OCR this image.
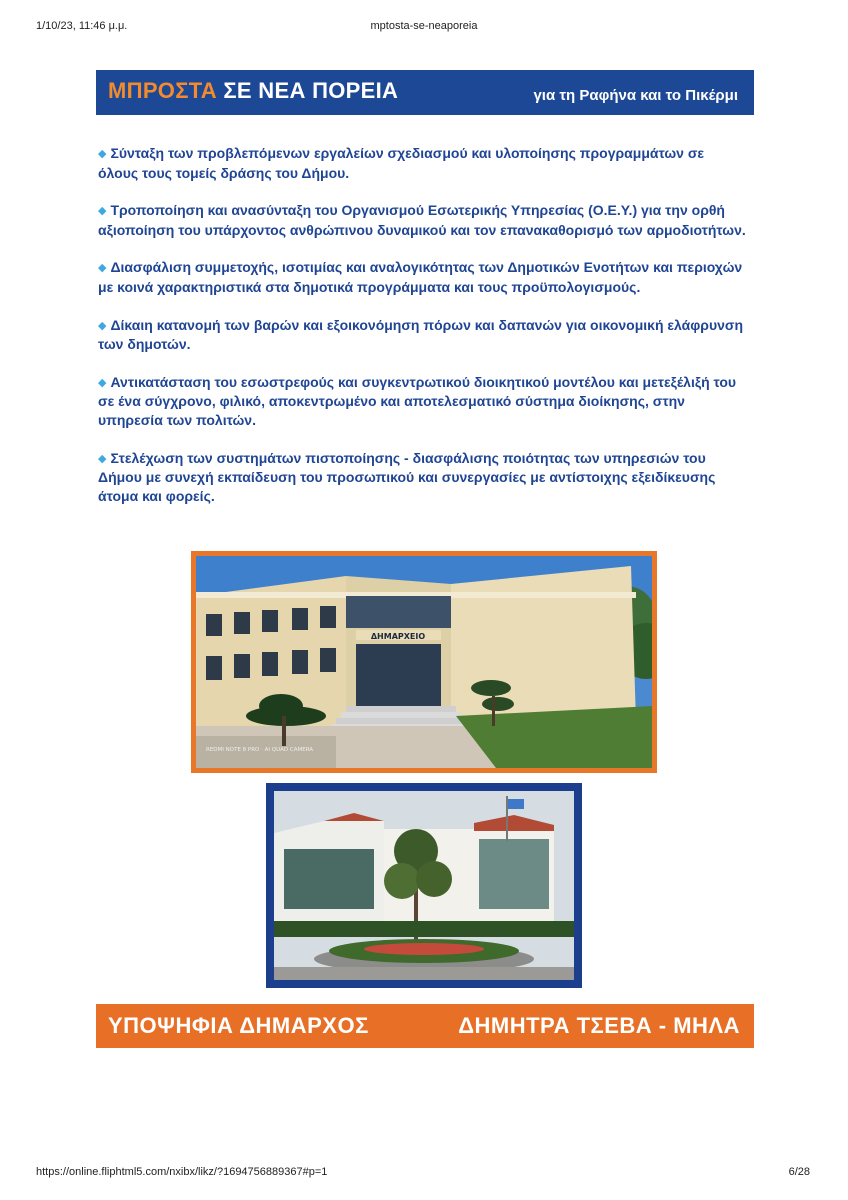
1/10/23, 11:46 μ.μ.	mptosta-se-neaporeia
ΜΠΡΟΣΤΑ ΣΕ ΝΕΑ ΠΟΡΕΙΑ	για τη Ραφήνα και το Πικέρμι

◆ Σύνταξη των προβλεπόμενων εργαλείων σχεδιασμού και υλοποίησης προγραμμάτων σε όλους τους τομείς δράσης του Δήμου.

◆ Τροποποίηση και ανασύνταξη του Οργανισμού Εσωτερικής Υπηρεσίας (Ο.Ε.Υ.) για την ορθή αξιοποίηση του υπάρχοντος ανθρώπινου δυναμικού και τον επανακαθορισμό των αρμοδιοτήτων.

◆ Διασφάλιση συμμετοχής, ισοτιμίας και αναλογικότητας των Δημοτικών Ενοτήτων και περιοχών με κοινά χαρακτηριστικά στα δημοτικά προγράμματα και τους προϋπολογισμούς.

◆ Δίκαιη κατανομή των βαρών και εξοικονόμηση πόρων και δαπανών για οικονομική ελάφρυνση των δημοτών.

◆ Αντικατάσταση του εσωστρεφούς και συγκεντρωτικού διοικητικού μοντέλου και μετεξέλιξή του σε ένα σύγχρονο, φιλικό, αποκεντρωμένο και αποτελεσματικό σύστημα διοίκησης, στην υπηρεσία των πολιτών.

◆ Στελέχωση των συστημάτων πιστοποίησης - διασφάλισης ποιότητας των υπηρεσιών του Δήμου με συνεχή εκπαίδευση του προσωπικού και συνεργασίες με αντίστοιχης εξειδίκευσης άτομα και φορείς.

ΔΗΜΑΡΧΕΙΟ
REDMI NOTE 8 PRO · AI QUAD CAMERA
ΥΠΟΨΗΦΙΑ ΔΗΜΑΡΧΟΣ	ΔΗΜΗΤΡΑ ΤΣΕΒΑ - ΜΗΛΑ
https://online.fliphtml5.com/nxibx/likz/?1694756889367#p=1	6/28
